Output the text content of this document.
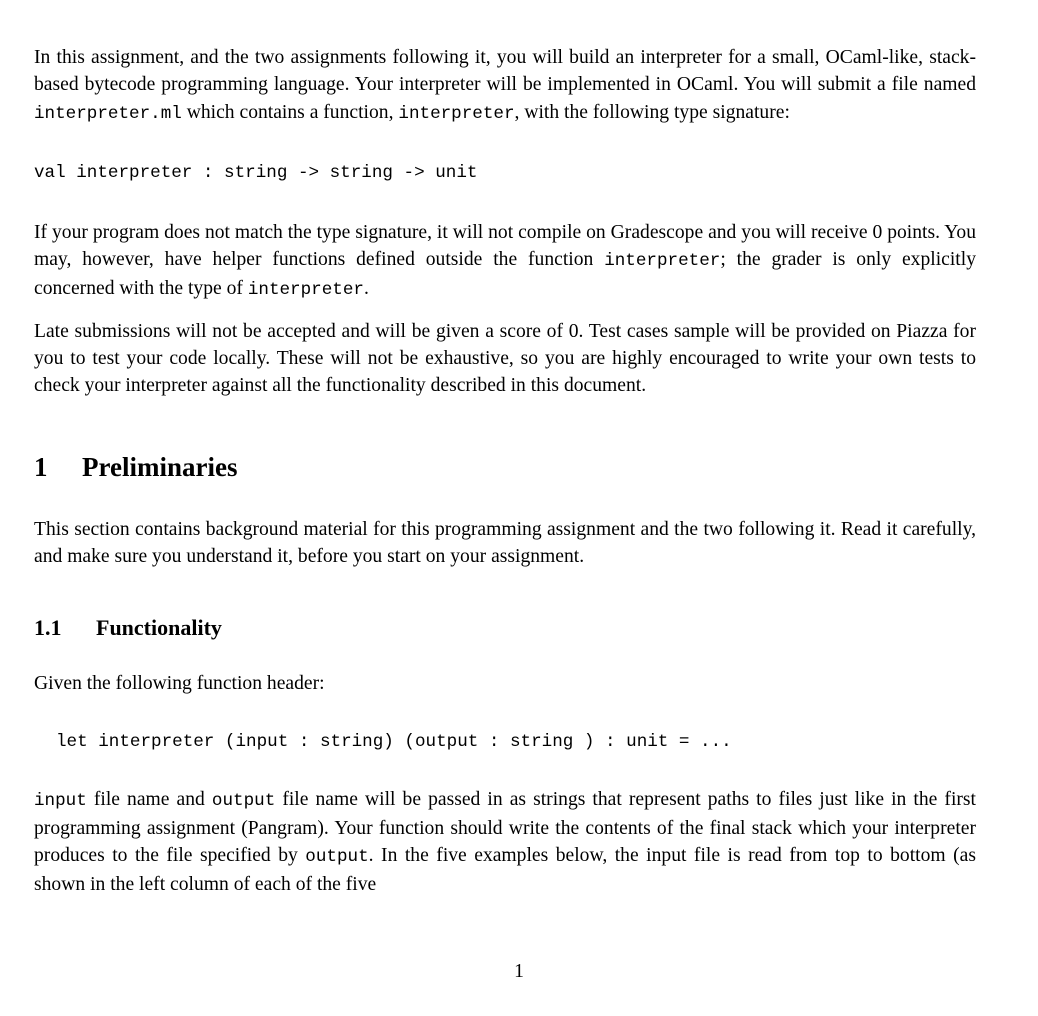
In this assignment, and the two assignments following it, you will build an interpreter for a small, OCaml-like, stack-based bytecode programming language. Your interpreter will be implemented in OCaml. You will submit a file named interpreter.ml which contains a function, interpreter, with the following type signature:

val interpreter : string -> string -> unit

If your program does not match the type signature, it will not compile on Gradescope and you will receive 0 points. You may, however, have helper functions defined outside the function interpreter; the grader is only explicitly concerned with the type of interpreter.

Late submissions will not be accepted and will be given a score of 0. Test cases sample will be provided on Piazza for you to test your code locally. These will not be exhaustive, so you are highly encouraged to write your own tests to check your interpreter against all the functionality described in this document.

1 Preliminaries

This section contains background material for this programming assignment and the two following it. Read it carefully, and make sure you understand it, before you start on your assignment.

1.1 Functionality

Given the following function header:

let interpreter (input : string) (output : string ) : unit = ...

input file name and output file name will be passed in as strings that represent paths to files just like in the first programming assignment (Pangram). Your function should write the contents of the final stack which your interpreter produces to the file specified by output. In the five examples below, the input file is read from top to bottom (as shown in the left column of each of the five

1
